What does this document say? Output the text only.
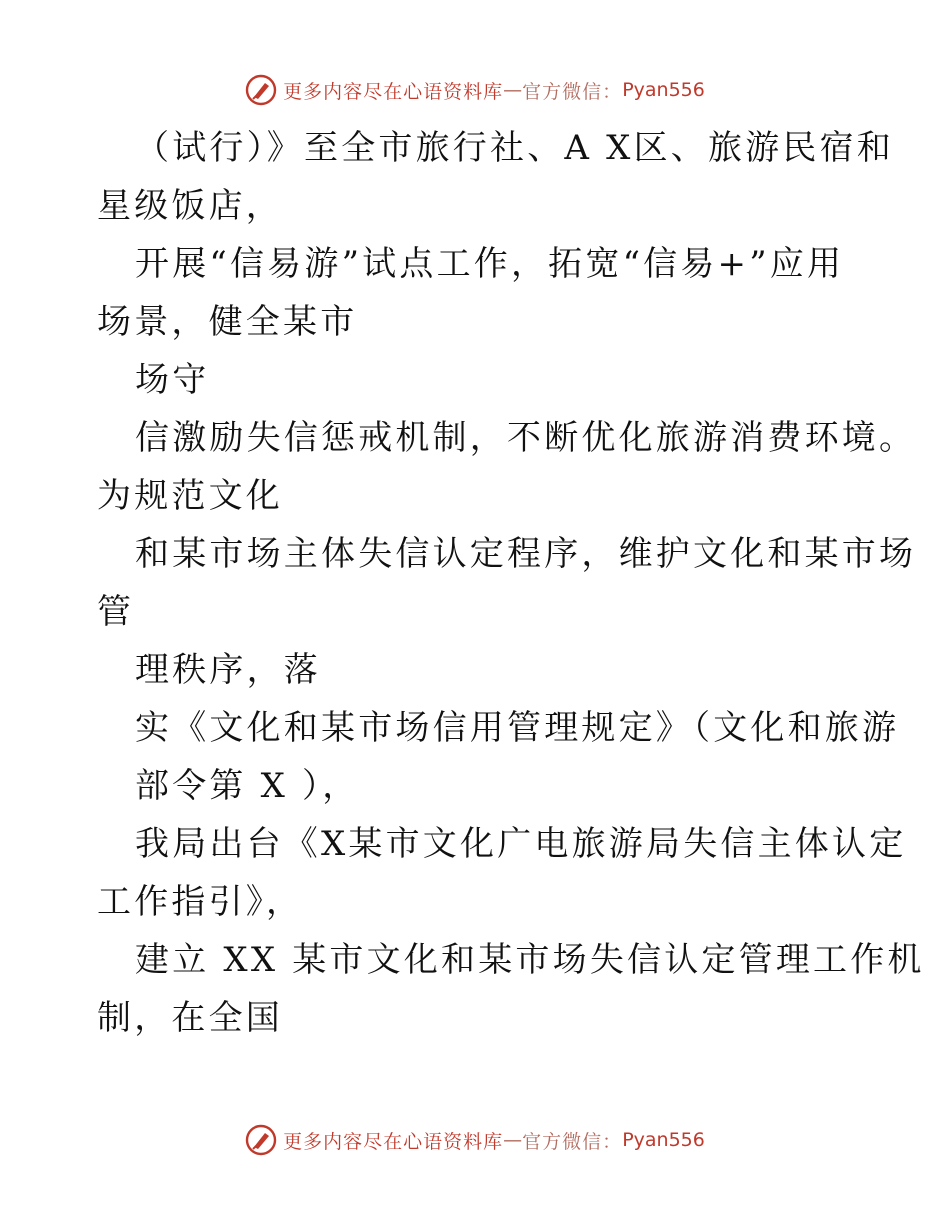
更多内容尽在心语资料库 — 官方微信： Pyan556
（试行）》至全市旅行社、A X区、旅游民宿和
星级饭店，
开展“信易游”试点工作，拓宽“信易+”应用
场景，健全某市
场守
信激励失信惩戒机制，不断优化旅游消费环境。
为规范文化
和某市场主体失信认定程序，维护文化和某市场
管
理秩序，落
实《文化和某市场信用管理规定》（文化和旅游
部令第 X ），
我局出台《X某市文化广电旅游局失信主体认定
工作指引》，
建立 XX 某市文化和某市场失信认定管理工作机
制，在全国
更多内容尽在心语资料库 — 官方微信： Pyan556
